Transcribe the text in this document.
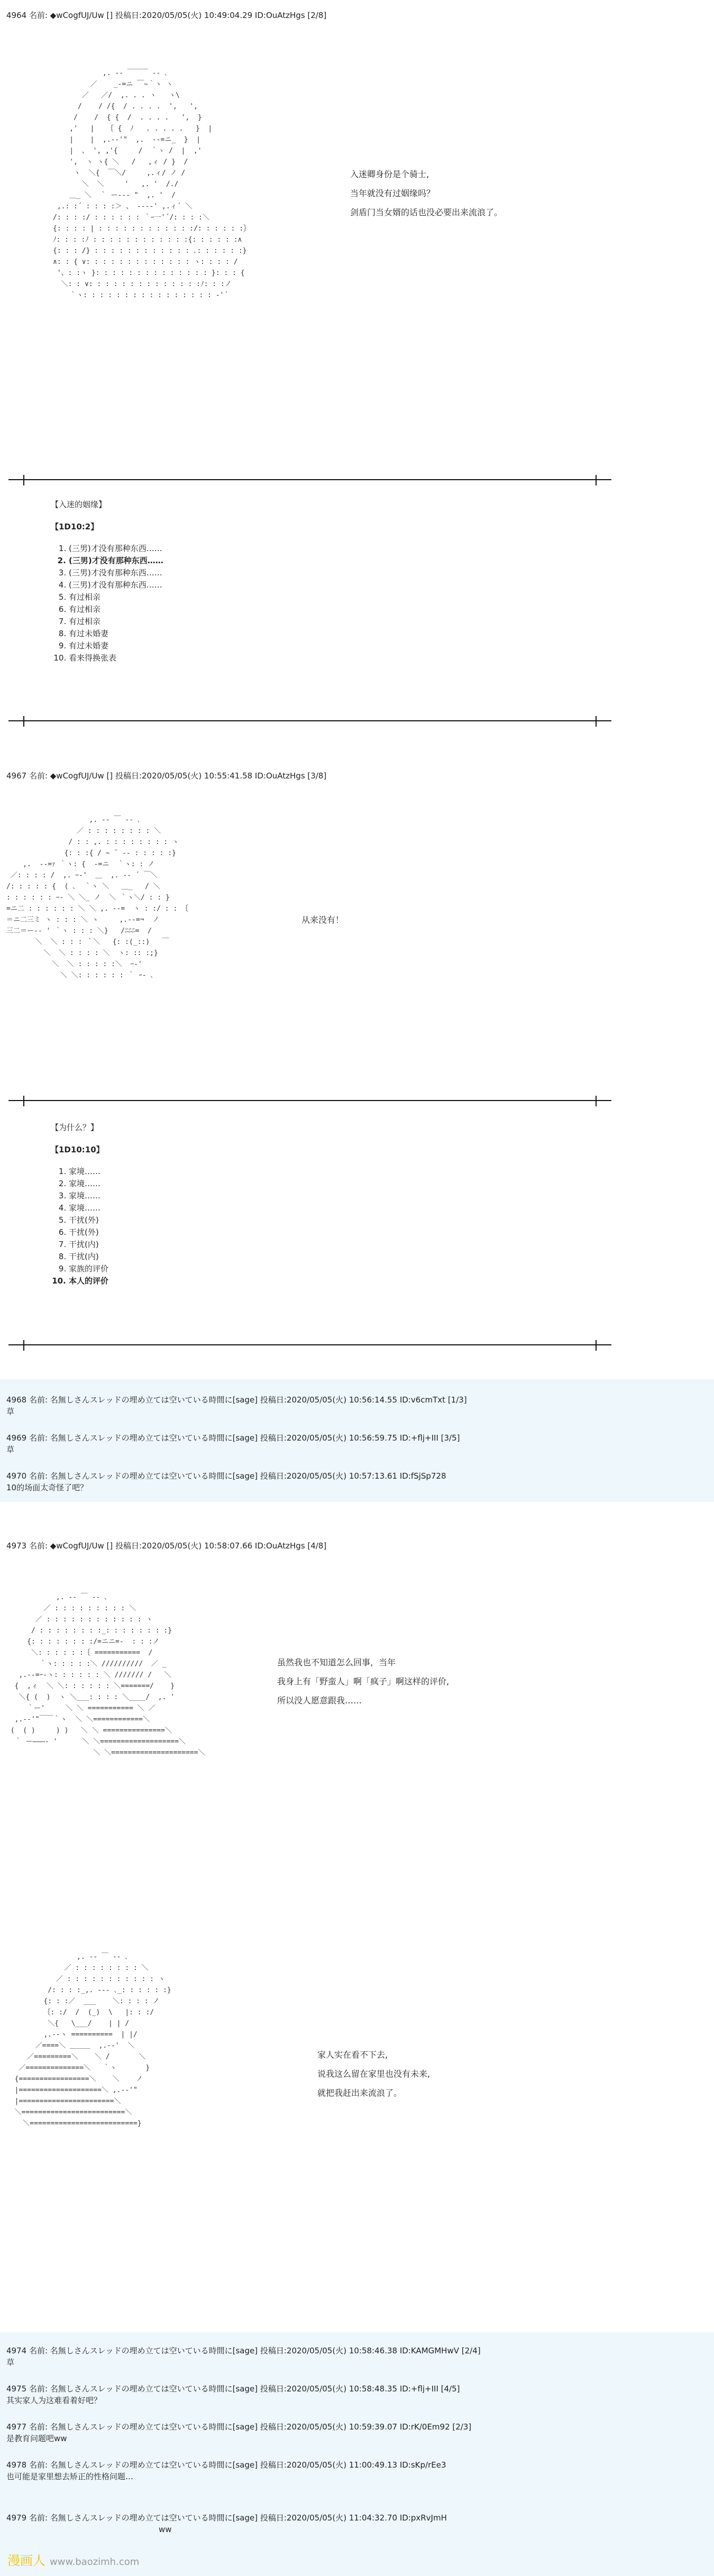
4964 名前: ◆wCogfUJ/Uw [] 投稿日:2020/05/05(火) 10:49:04.29 ID:OuAtzHgs [2/8]
,. -‐ ￣￣￣ ‐- ､
／    _‐=ニ ￣~｀ヽ ヽ
／   ／/  ,. . . ヽ   ヽ\
/    / /{  / . . . .  ',   ',
/    /  { {  /  . . . .   ',  }
,'   |   ｛ {  ﾉ   . . . . .   }  |
|    |  ,.-‐'"  ,.  -‐=ニ_  }  |
|  、 ', ,'{     /  ｀ヽ /  |  ,'
',  ヽ ヽ{ ＼   /   ,ィ / }  /
ヽ  ＼{  ￣＼/     ,.ィ/ ノ /
＼  ＼     '   ,. '  /./
＿_ ＼  ｀ ー--‐ "  ,. '  /
,.: :´ : : : :＞ 、 ‐--‐' ,.ィ´ ＼
/: : : :/ : : : : : : ｀ｰ一'´/: : : :＼
{: : : : | : : : : : : : : : : : :/: : : : : :｝
ﾉ: : : :ﾉ : : : : : : : : : : : :{: : : : : :∧
{: : : /} : : : : : : : : : : : : ､: : : : : :}
∧: : { ∨: : : : : : : : : : : : : ヽ: : : : /
'、: :ヽ }: : : : : : : : : : : : : : }: : : {
＼: : ∨: : : : : : : : : : : : : :ﾉ: : :ノ
｀ヽ: : : : : : : : : : : : : : : : ‐'´
入迷卿身份是个骑士,
当年就没有过姻缘吗？
剑盾门当女婿的话也没必要出来流浪了。
【入迷的姻缘】
【1D10:2】
1. (三男)才没有那种东西……
2. (三男)才没有那种东西……
3. (三男)才没有那种东西……
4. (三男)才没有那种东西……
5. 有过相亲
6. 有过相亲
7. 有过相亲
8. 有过未婚妻
9. 有过未婚妻
10. 看来得换张表
4967 名前: ◆wCogfUJ/Uw [] 投稿日:2020/05/05(火) 10:55:41.58 ID:OuAtzHgs [3/8]
,. -‐ ￣ ‐- ､
／ : : : : : : : : ＼
/ : : ,. : : : : : : : : ヽ
{: : :{ / ~ ¨ ‐- : : : : :}
,.  -‐=ｧ ｀ヽ: {  ‐=ニ  ｀ヽ: : ノ
／: : : : /  ,. ｰ‐'  ＿  ,. -‐ ´ ￣＼
/: : : : : {  ( ､  ｀ヽ ＼   ＿_   / ＼
: : : : : : ｰ- ＼ ＼_ ノ  ＼ ｀ヽ＼/ : : }
=ニ二 : : : : : : ＼ ＼ ,. -‐=  ヽ : :/ : : ｛
＝ニ二三ミ ヽ : : : ＼ ヽ     ,.-‐=¬  ノ
三二＝ー-‐ ' ｀ヽ : : : ＼}   /ﾆﾆﾆ=  /
＼  ＼ : : : ｀＼   {: :(_::)   ￣
＼  ＼ : : : : ＼  ヽ: :: :;}
＼  ＼ : : : : :＼  ｰ‐'
＼ ＼: : : : : : ｀ ｰ- ､
从来没有！
【为什么？】
【1D10:10】
1. 家境……
2. 家境……
3. 家境……
4. 家境……
5. 干扰(外)
6. 干扰(外)
7. 干扰(内)
8. 干扰(内)
9. 家族的评价
10. 本人的评价
4968 名前: 名無しさんスレッドの埋め立ては空いている時間に[sage] 投稿日:2020/05/05(火) 10:56:14.55 ID:v6cmTxt [1/3]
草
4969 名前: 名無しさんスレッドの埋め立ては空いている時間に[sage] 投稿日:2020/05/05(火) 10:56:59.75 ID:+flj+III [3/5]
草
4970 名前: 名無しさんスレッドの埋め立ては空いている時間に[sage] 投稿日:2020/05/05(火) 10:57:13.61 ID:fSjSp728
10的场面太奇怪了吧？
4973 名前: ◆wCogfUJ/Uw [] 投稿日:2020/05/05(火) 10:58:07.66 ID:OuAtzHgs [4/8]
,. -‐ ￣ ‐- ､
／ : : : : : : : : : ＼
／ : : : : : : : : : : : : ヽ
/ : : : : : : : :_: : : : : : : :}
{: : : : : : : :/=ニニ=-  : : :ノ
＼: : : : : :｛ ===========  /
｀ヽ: : : : :＼ //////////  ／ _
,.-‐=ｰ-ヽ: : : : : : ＼ /////// /   ＼
{  ,ィ  ＼ ＼: : : : : : ＼=======/    }
＼{ (  )  ヽ ＼___: : : : ＼____/  ,. '
｀ー'     ＼ ＼ =========== ＼ ／
,.-‐'"￣￣｀ヽ  ＼ ＼============＼
(  ( )     ) )   ＼ ＼ ===============＼
｀ ー―――‐ '      ＼ ＼===================＼
＼ ＼=====================＼
虽然我也不知道怎么回事，当年
我身上有「野蛮人」啊「疯子」啊这样的评价,
所以没人愿意跟我……
,. -‐ ￣ ‐- ､
／ : : : : : : : : ＼
／ : : : : : : : : : : : ヽ
/: : : :_,. ‐-‐ ､_: : : : : :}
{: : :／  ___    ＼: : : : ノ
｛: :/  /  (_)  \   |: : :/
＼{   \___/    | | /
,.-‐ヽ ==========  | |/
／====＼ ＿＿＿  ,.-‐'  ＼
／=========＼    ＼ /       ＼
／==============＼   ｀ヽ       }
{=================＼    ＼    ノ
|====================＼ ,.-‐'"
|=======================＼
＼=========================＼
＼==========================}
家人实在看不下去,
说我这么留在家里也没有未来,
就把我赶出来流浪了。
4974 名前: 名無しさんスレッドの埋め立ては空いている時間に[sage] 投稿日:2020/05/05(火) 10:58:46.38 ID:KAMGMHwV [2/4]
草
4975 名前: 名無しさんスレッドの埋め立ては空いている時間に[sage] 投稿日:2020/05/05(火) 10:58:48.35 ID:+flj+III [4/5]
其实家人为这难看着好吧？
4977 名前: 名無しさんスレッドの埋め立ては空いている時間に[sage] 投稿日:2020/05/05(火) 10:59:39.07 ID:rK/0Em92 [2/3]
是教育问题吧ww
4978 名前: 名無しさんスレッドの埋め立ては空いている時間に[sage] 投稿日:2020/05/05(火) 11:00:49.13 ID:sKp/rEe3
也可能是家里想去矫正的性格问题…
4979 名前: 名無しさんスレッドの埋め立ては空いている時間に[sage] 投稿日:2020/05/05(火) 11:04:32.70 ID:pxRvJmH
ww
漫画人 www.baozimh.com
